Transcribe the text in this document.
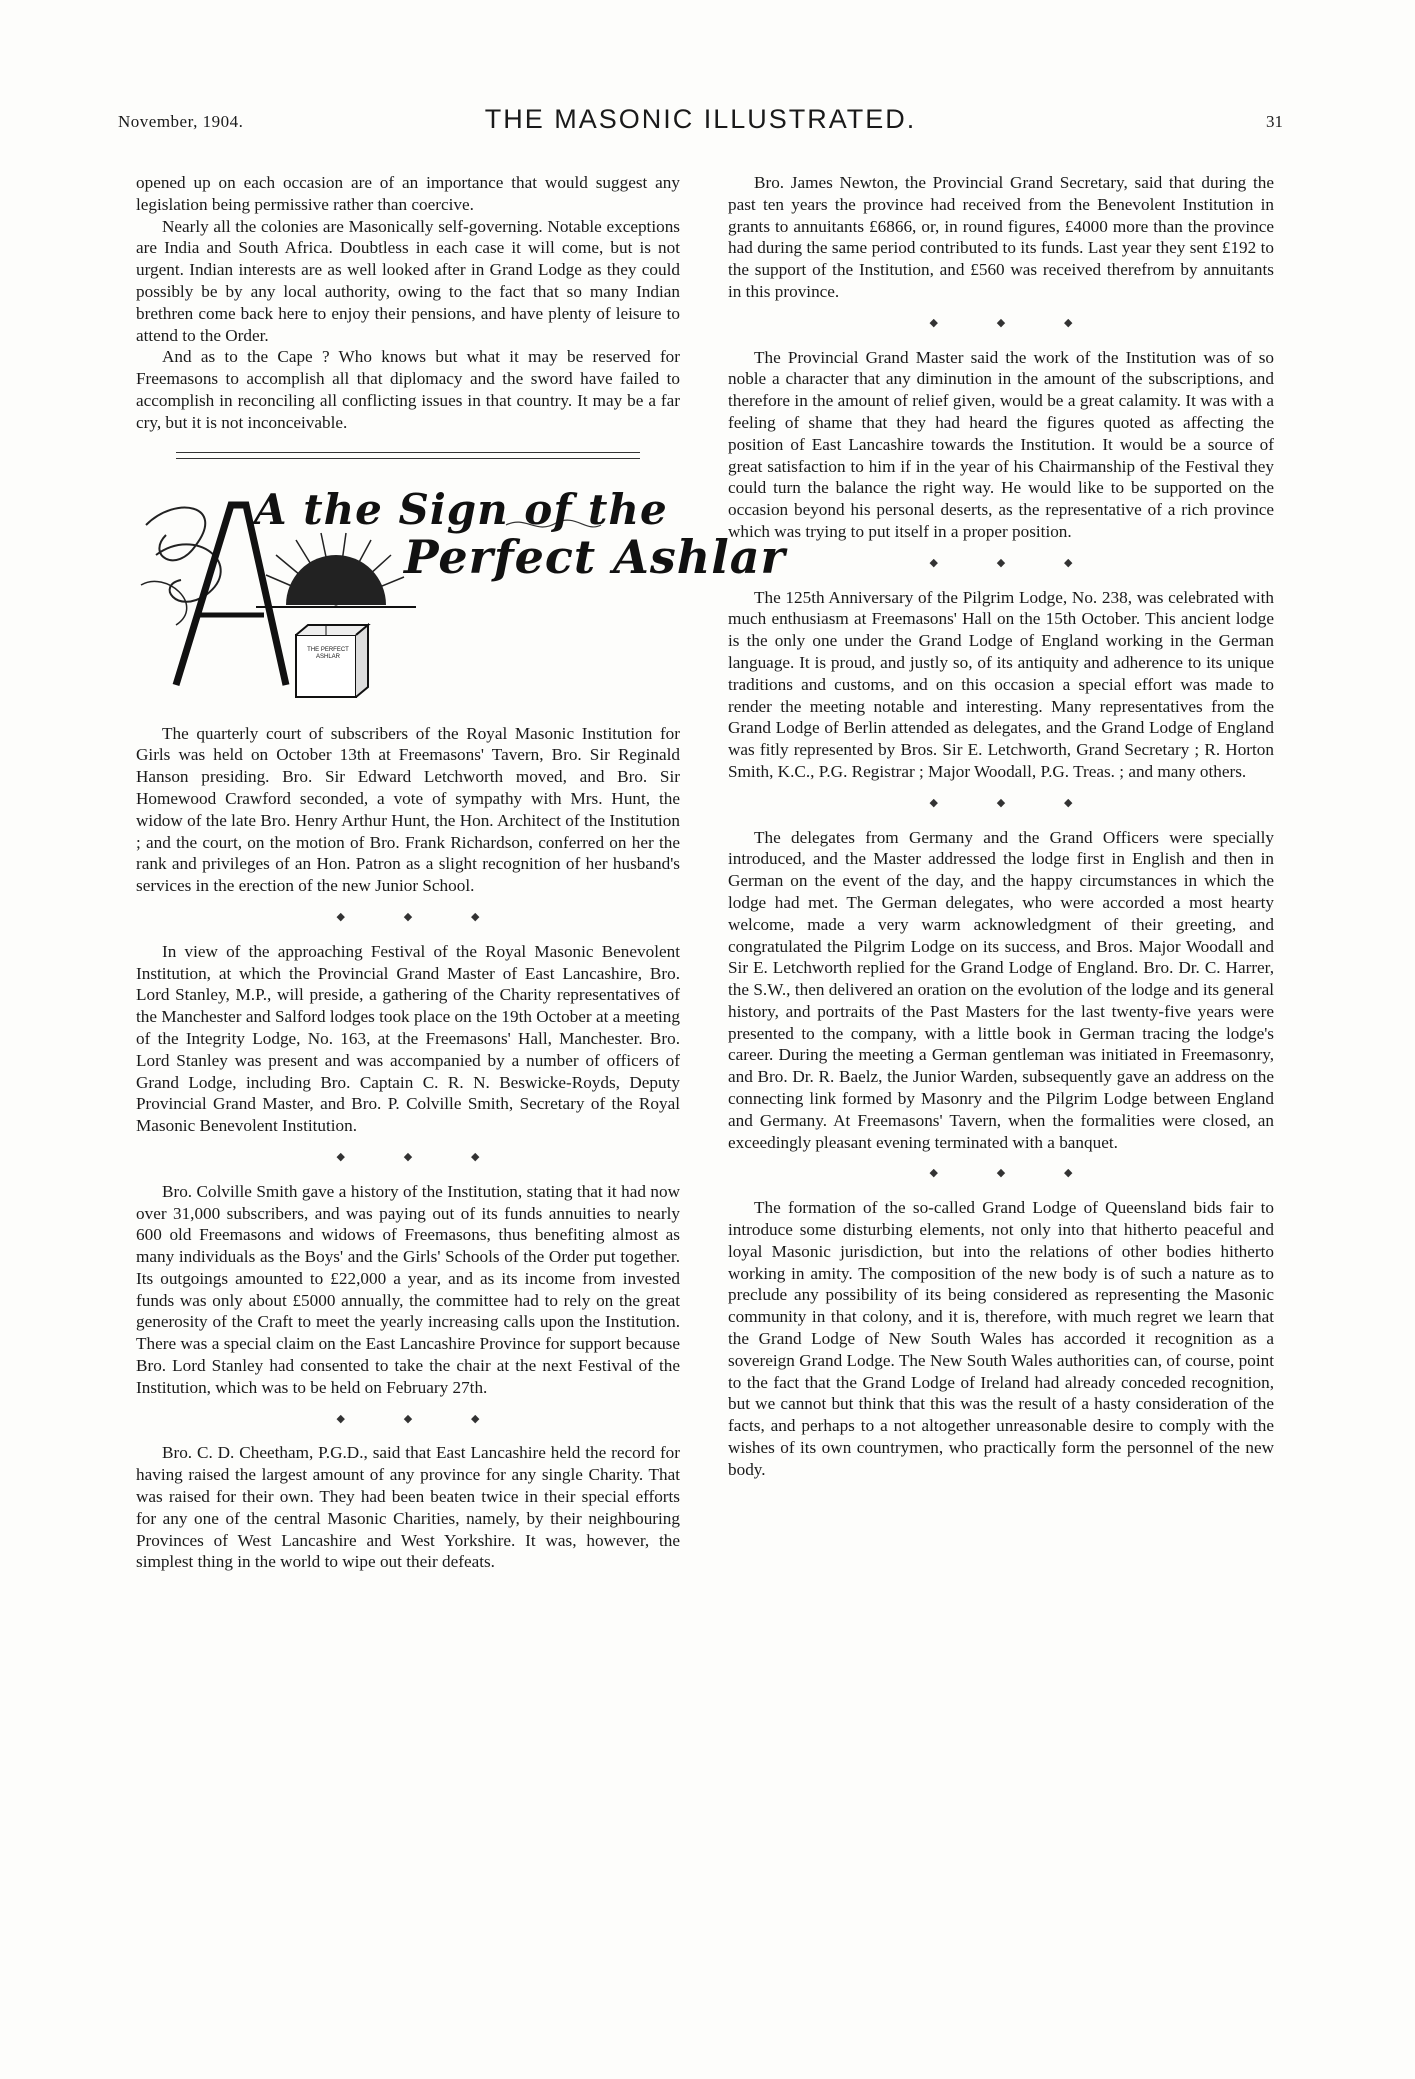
November, 1904.	THE MASONIC ILLUSTRATED.	31

opened up on each occasion are of an importance that would suggest any legislation being permissive rather than coercive.

Nearly all the colonies are Masonically self-governing. Notable exceptions are India and South Africa. Doubtless in each case it will come, but is not urgent. Indian interests are as well looked after in Grand Lodge as they could possibly be by any local authority, owing to the fact that so many Indian brethren come back here to enjoy their pensions, and have plenty of leisure to attend to the Order.

And as to the Cape ? Who knows but what it may be reserved for Freemasons to accomplish all that diplomacy and the sword have failed to accomplish in reconciling all conflicting issues in that country. It may be a far cry, but it is not inconceivable.

A the Sign of the
Perfect Ashlar
THE PERFECT ASHLAR

The quarterly court of subscribers of the Royal Masonic Institution for Girls was held on October 13th at Freemasons' Tavern, Bro. Sir Reginald Hanson presiding. Bro. Sir Edward Letchworth moved, and Bro. Sir Homewood Crawford seconded, a vote of sympathy with Mrs. Hunt, the widow of the late Bro. Henry Arthur Hunt, the Hon. Architect of the Institution ; and the court, on the motion of Bro. Frank Richardson, conferred on her the rank and privileges of an Hon. Patron as a slight recognition of her husband's services in the erection of the new Junior School.

◆ ◆ ◆

In view of the approaching Festival of the Royal Masonic Benevolent Institution, at which the Provincial Grand Master of East Lancashire, Bro. Lord Stanley, M.P., will preside, a gathering of the Charity representatives of the Manchester and Salford lodges took place on the 19th October at a meeting of the Integrity Lodge, No. 163, at the Freemasons' Hall, Manchester. Bro. Lord Stanley was present and was accompanied by a number of officers of Grand Lodge, including Bro. Captain C. R. N. Beswicke-Royds, Deputy Provincial Grand Master, and Bro. P. Colville Smith, Secretary of the Royal Masonic Benevolent Institution.

◆ ◆ ◆

Bro. Colville Smith gave a history of the Institution, stating that it had now over 31,000 subscribers, and was paying out of its funds annuities to nearly 600 old Freemasons and widows of Freemasons, thus benefiting almost as many individuals as the Boys' and the Girls' Schools of the Order put together. Its outgoings amounted to £22,000 a year, and as its income from invested funds was only about £5000 annually, the committee had to rely on the great generosity of the Craft to meet the yearly increasing calls upon the Institution. There was a special claim on the East Lancashire Province for support because Bro. Lord Stanley had consented to take the chair at the next Festival of the Institution, which was to be held on February 27th.

◆ ◆ ◆

Bro. C. D. Cheetham, P.G.D., said that East Lancashire held the record for having raised the largest amount of any province for any single Charity. That was raised for their own. They had been beaten twice in their special efforts for any one of the central Masonic Charities, namely, by their neighbouring Provinces of West Lancashire and West Yorkshire. It was, however, the simplest thing in the world to wipe out their defeats.

Bro. James Newton, the Provincial Grand Secretary, said that during the past ten years the province had received from the Benevolent Institution in grants to annuitants £6866, or, in round figures, £4000 more than the province had during the same period contributed to its funds. Last year they sent £192 to the support of the Institution, and £560 was received therefrom by annuitants in this province.

◆ ◆ ◆

The Provincial Grand Master said the work of the Institution was of so noble a character that any diminution in the amount of the subscriptions, and therefore in the amount of relief given, would be a great calamity. It was with a feeling of shame that they had heard the figures quoted as affecting the position of East Lancashire towards the Institution. It would be a source of great satisfaction to him if in the year of his Chairmanship of the Festival they could turn the balance the right way. He would like to be supported on the occasion beyond his personal deserts, as the representative of a rich province which was trying to put itself in a proper position.

◆ ◆ ◆

The 125th Anniversary of the Pilgrim Lodge, No. 238, was celebrated with much enthusiasm at Freemasons' Hall on the 15th October. This ancient lodge is the only one under the Grand Lodge of England working in the German language. It is proud, and justly so, of its antiquity and adherence to its unique traditions and customs, and on this occasion a special effort was made to render the meeting notable and interesting. Many representatives from the Grand Lodge of Berlin attended as delegates, and the Grand Lodge of England was fitly represented by Bros. Sir E. Letchworth, Grand Secretary ; R. Horton Smith, K.C., P.G. Registrar ; Major Woodall, P.G. Treas. ; and many others.

◆ ◆ ◆

The delegates from Germany and the Grand Officers were specially introduced, and the Master addressed the lodge first in English and then in German on the event of the day, and the happy circumstances in which the lodge had met. The German delegates, who were accorded a most hearty welcome, made a very warm acknowledgment of their greeting, and congratulated the Pilgrim Lodge on its success, and Bros. Major Woodall and Sir E. Letchworth replied for the Grand Lodge of England. Bro. Dr. C. Harrer, the S.W., then delivered an oration on the evolution of the lodge and its general history, and portraits of the Past Masters for the last twenty-five years were presented to the company, with a little book in German tracing the lodge's career. During the meeting a German gentleman was initiated in Freemasonry, and Bro. Dr. R. Baelz, the Junior Warden, subsequently gave an address on the connecting link formed by Masonry and the Pilgrim Lodge between England and Germany. At Freemasons' Tavern, when the formalities were closed, an exceedingly pleasant evening terminated with a banquet.

◆ ◆ ◆

The formation of the so-called Grand Lodge of Queensland bids fair to introduce some disturbing elements, not only into that hitherto peaceful and loyal Masonic jurisdiction, but into the relations of other bodies hitherto working in amity. The composition of the new body is of such a nature as to preclude any possibility of its being considered as representing the Masonic community in that colony, and it is, therefore, with much regret we learn that the Grand Lodge of New South Wales has accorded it recognition as a sovereign Grand Lodge. The New South Wales authorities can, of course, point to the fact that the Grand Lodge of Ireland had already conceded recognition, but we cannot but think that this was the result of a hasty consideration of the facts, and perhaps to a not altogether unreasonable desire to comply with the wishes of its own countrymen, who practically form the personnel of the new body.
